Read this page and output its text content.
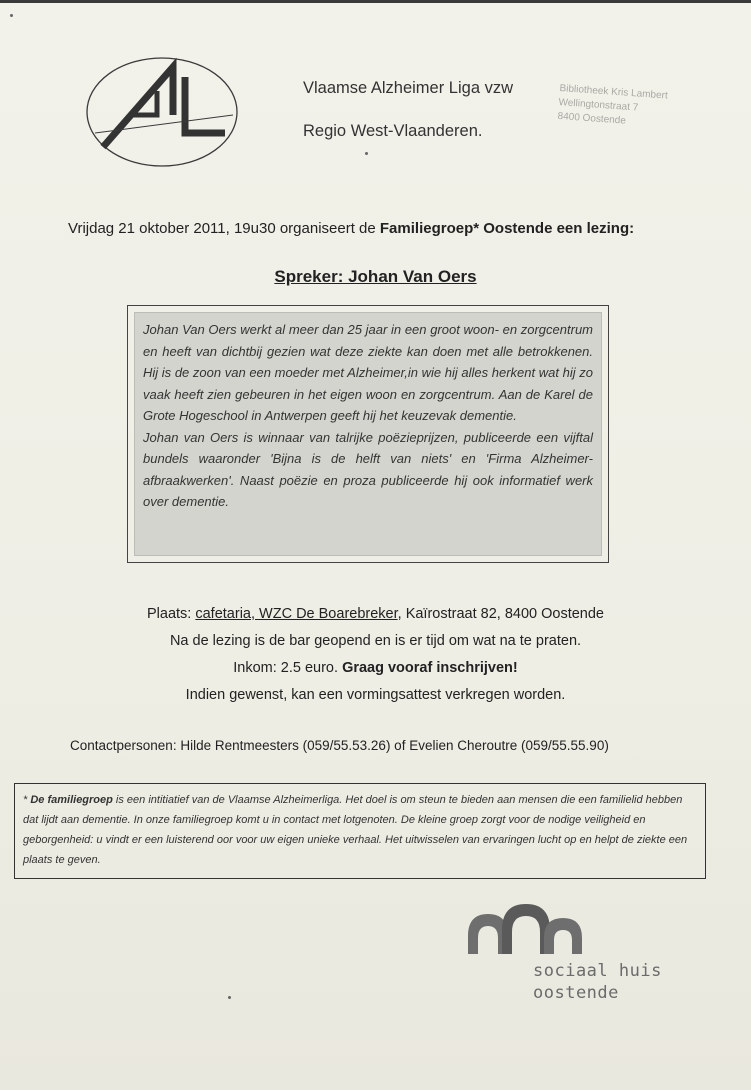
Vlaamse Alzheimer Liga vzw
Regio West-Vlaanderen.
Bibliotheek Kris Lambert
Wellingtonstraat 7
8400 Oostende
Vrijdag 21 oktober 2011, 19u30 organiseert de Familiegroep* Oostende een lezing:
Spreker: Johan Van Oers

Johan Van Oers werkt al meer dan 25 jaar in een groot woon- en zorgcentrum en heeft van dichtbij gezien wat deze ziekte kan doen met alle betrokkenen. Hij is de zoon van een moeder met Alzheimer,in wie hij alles herkent wat hij zo vaak heeft zien gebeuren in het eigen woon en zorgcentrum. Aan de Karel de Grote Hogeschool in Antwerpen geeft hij het keuzevak dementie.

Johan van Oers is winnaar van talrijke poëzieprijzen, publiceerde een vijftal bundels waaronder 'Bijna is de helft van niets' en 'Firma Alzheimer- afbraakwerken'. Naast poëzie en proza publiceerde hij ook informatief werk over dementie.

Plaats: cafetaria, WZC De Boarebreker, Kaïrostraat 82, 8400 Oostende
Na de lezing is de bar geopend en is er tijd om wat na te praten.
Inkom: 2.5 euro. Graag vooraf inschrijven!
Indien gewenst, kan een vormingsattest verkregen worden.
Contactpersonen: Hilde Rentmeesters (059/55.53.26) of Evelien Cheroutre (059/55.55.90)

* De familiegroep is een intitiatief van de Vlaamse Alzheimerliga. Het doel is om steun te bieden aan mensen die een familielid hebben dat lijdt aan dementie. In onze familiegroep komt u in contact met lotgenoten. De kleine groep zorgt voor de nodige veiligheid en geborgenheid: u vindt er een luisterend oor voor uw eigen unieke verhaal. Het uitwisselen van ervaringen lucht op en helpt de ziekte een plaats te geven.

sociaal huis
oostende
